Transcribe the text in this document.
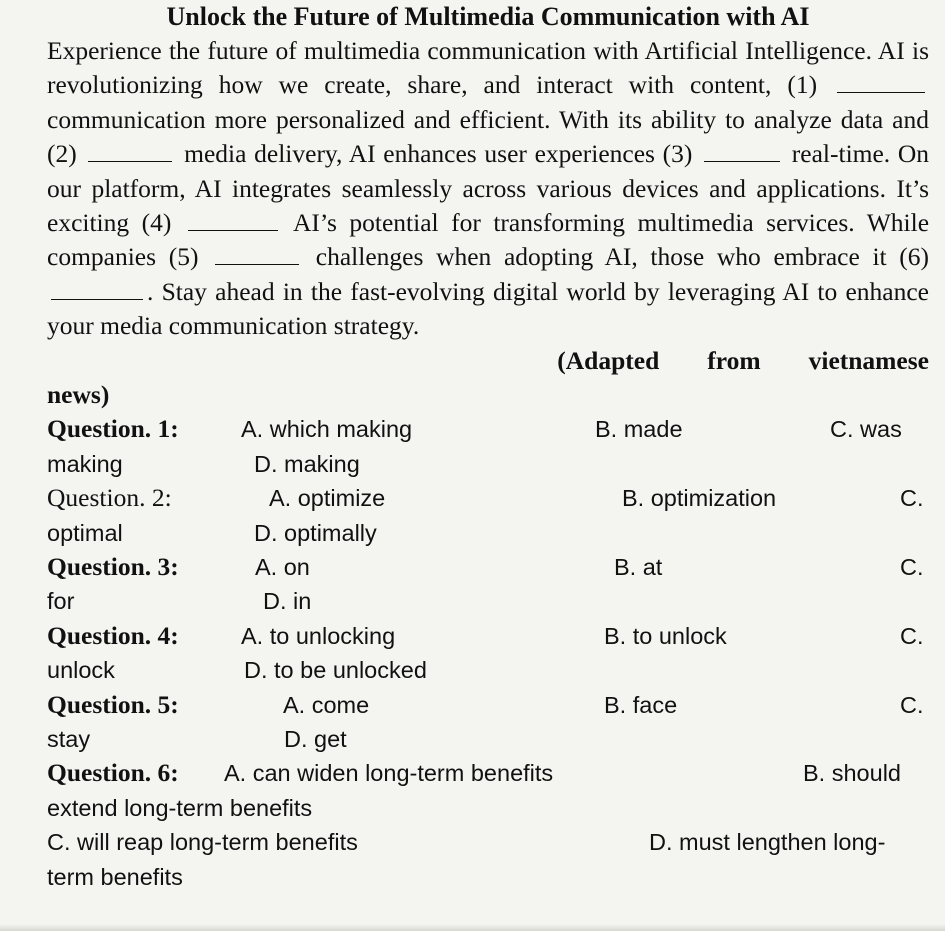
Unlock the Future of Multimedia Communication with AI

Experience the future of multimedia communication with Artificial Intelligence. AI is revolutionizing how we create, share, and interact with content, (1)  communication more personalized and efficient. With its ability to analyze data and (2)	media delivery, AI enhances user experiences (3)	real-time. On our platform, AI integrates seamlessly across various devices and applications. It’s exciting (4)	AI’s potential for transforming multimedia services. While companies (5)	challenges when adopting AI, those who embrace it (6) . Stay ahead in the fast-evolving digital world by leveraging AI to enhance your media communication strategy.

(Adapted from vietnamese
news)
Question. 1:	A. which making	B. made	C. was
making	D. making
Question. 2:	A. optimize	B. optimization	C.
optimal	D. optimally
Question. 3:	A. on	B. at	C.
for	D. in
Question. 4:	A. to unlocking	B. to unlock	C.
unlock	D. to be unlocked
Question. 5:	A. come	B. face	C.
stay	D. get
Question. 6: A. can widen long-term benefits	B. should
extend long-term benefits
C. will reap long-term benefits	D. must lengthen long-
term benefits
